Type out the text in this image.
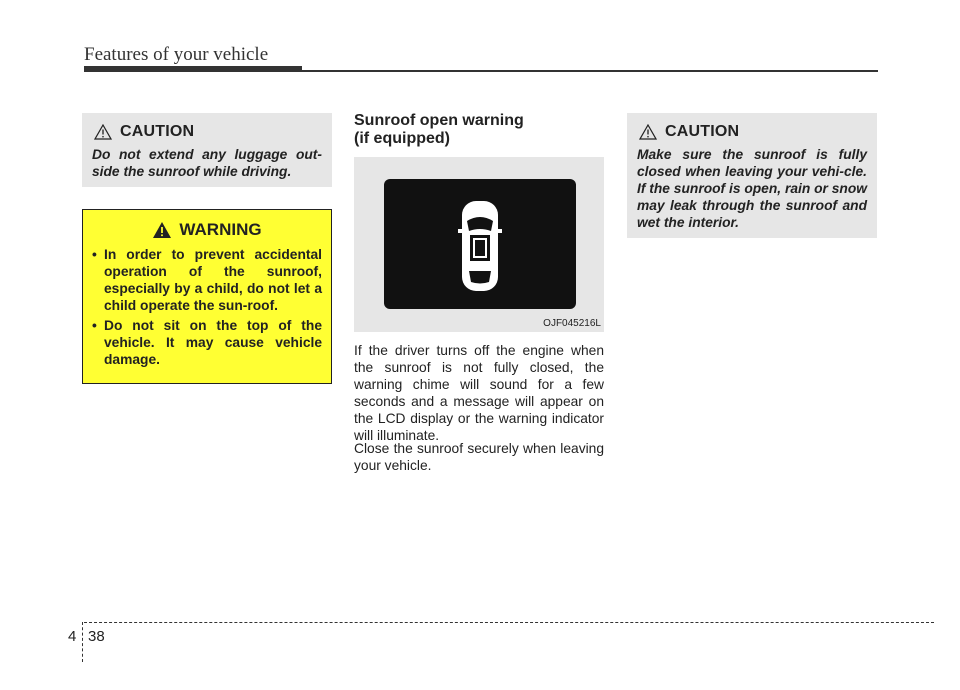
Features of your vehicle
CAUTION
Do not extend any luggage out-side the sunroof while driving.
WARNING
• In order to prevent accidental operation of the sunroof, especially by a child, do not let a child operate the sun-roof.
• Do not sit on the top of the vehicle. It may cause vehicle damage.
Sunroof open warning
(if equipped)
OJF045216L

If the driver turns off the engine when the sunroof is not fully closed, the warning chime will sound for a few seconds and a message will appear on the LCD display or the warning indicator will illuminate.

Close the sunroof securely when leaving your vehicle.

CAUTION
Make sure the sunroof is fully closed when leaving your vehi-cle. If the sunroof is open, rain or snow may leak through the sunroof and wet the interior.
4 38
